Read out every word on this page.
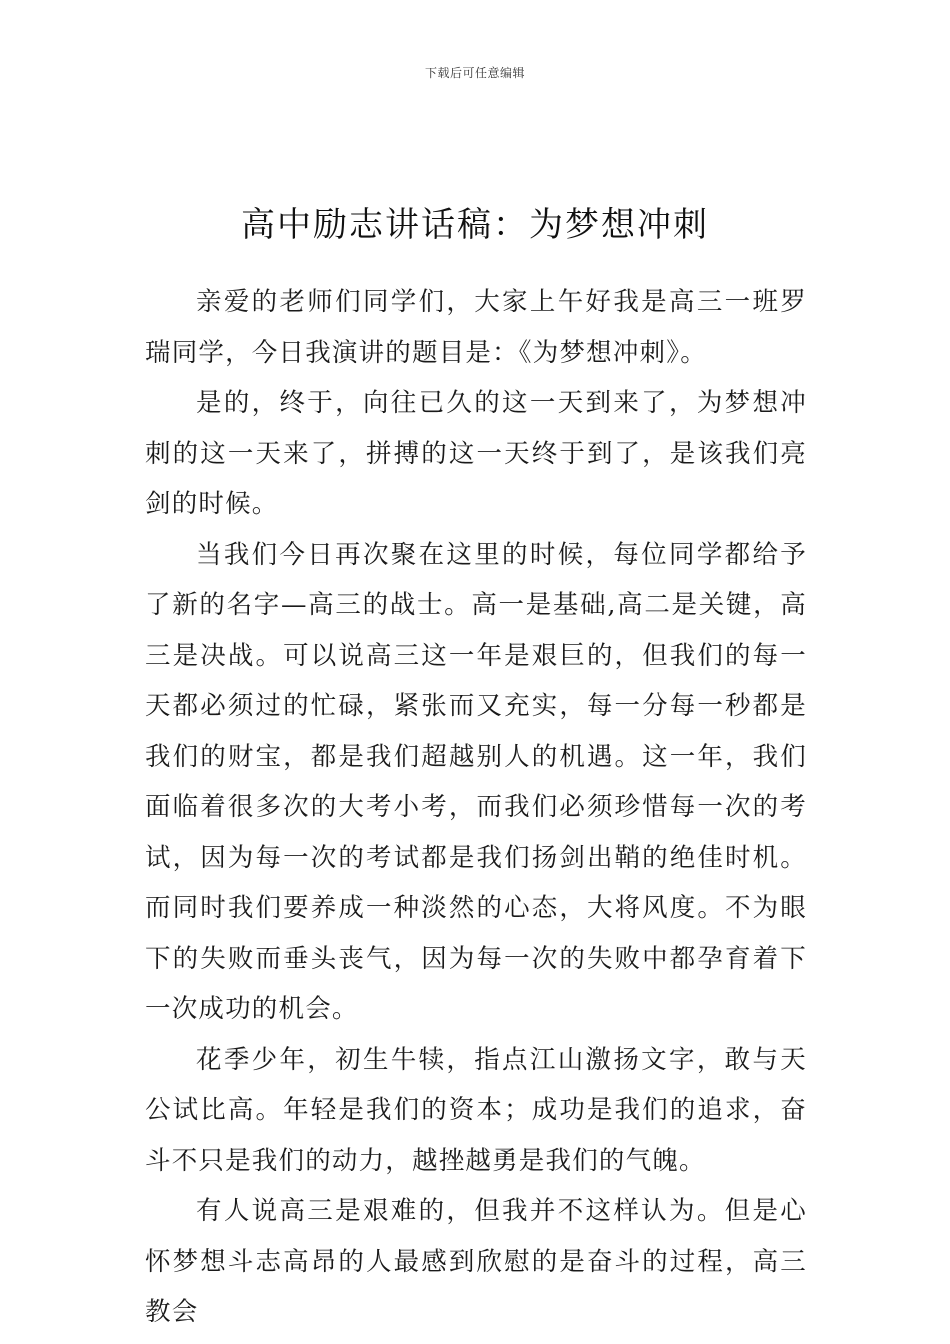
下载后可任意编辑
高中励志讲话稿：为梦想冲刺

亲爱的老师们同学们，大家上午好我是高三一班罗瑞同学，今日我演讲的题目是：《为梦想冲刺》。

是的，终于，向往已久的这一天到来了，为梦想冲刺的这一天来了，拼搏的这一天终于到了，是该我们亮剑的时候。

当我们今日再次聚在这里的时候，每位同学都给予了新的名字—高三的战士。高一是基础,高二是关键，高三是决战。可以说高三这一年是艰巨的，但我们的每一天都必须过的忙碌，紧张而又充实，每一分每一秒都是我们的财宝，都是我们超越别人的机遇。这一年，我们面临着很多次的大考小考，而我们必须珍惜每一次的考试，因为每一次的考试都是我们扬剑出鞘的绝佳时机。而同时我们要养成一种淡然的心态，大将风度。不为眼下的失败而垂头丧气，因为每一次的失败中都孕育着下一次成功的机会。

花季少年，初生牛犊，指点江山激扬文字，敢与天公试比高。年轻是我们的资本；成功是我们的追求，奋斗不只是我们的动力，越挫越勇是我们的气魄。

有人说高三是艰难的，但我并不这样认为。但是心怀梦想斗志高昂的人最感到欣慰的是奋斗的过程，高三教会
